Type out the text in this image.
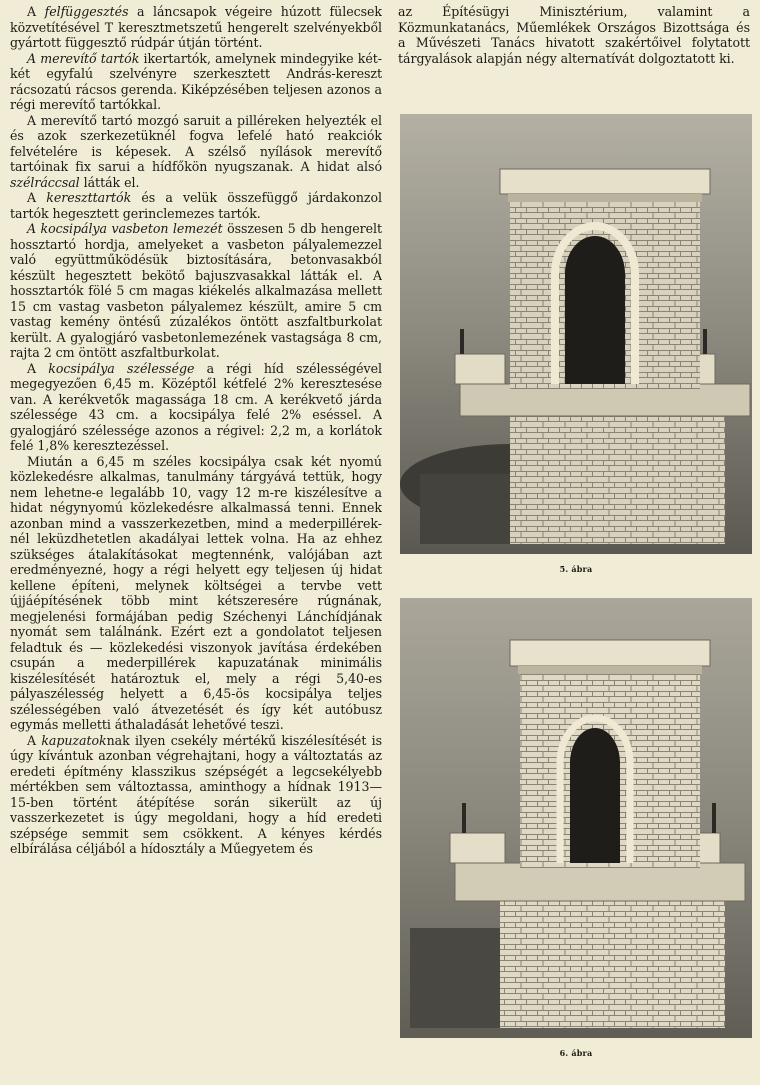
A felfüggesztés a láncsapok végeire húzott fülecsek közvetítésével T keresztmetszetű hengerelt szelvényekből gyártott függesztő rúdpár útján történt.

A merevítő tartók ikertartók, amelynek mindegyike két-két egyfalú szelvényre szerkesztett András-kereszt rácsozatú rácsos gerenda. Kiképzésében teljesen azonos a régi merevítő tartókkal.

A merevítő tartó mozgó saruit a pilléreken helyezték el és azok szerkezetüknél fogva lefelé ható reakciók felvételére is képesek. A szélső nyílások merevítő tartóinak fix sarui a hídfőkön nyugszanak. A hidat alsó szélráccsal látták el.

A kereszttartók és a velük összefüggő járdakonzol tartók hegesztett gerinclemezes tartók.

A kocsipálya vasbeton lemezét összesen 5 db hengerelt hossztartó hordja, amelyeket a vasbeton pályalemezzel való együttműködésük biztosítására, betonvasakból készült hegesztett bekötő bajuszvasakkal látták el. A hossztartók fölé 5 cm magas kiékelés alkalmazása mellett 15 cm vastag vasbeton pályalemez készült, amire 5 cm vastag kemény öntésű zúzalékos öntött aszfaltburkolat került. A gyalogjáró vasbetonlemezének vastagsága 8 cm, rajta 2 cm öntött aszfaltburkolat.

A kocsipálya szélessége a régi híd szélességével megegyezően 6,45 m. Középtől kétfelé 2% keresztesése van. A kerékvetők magassága 18 cm. A kerékvető járda szélessége 43 cm. a kocsipálya felé 2% eséssel. A gyalogjáró szélessége azonos a régivel: 2,2 m, a korlátok felé 1,8% keresztezéssel.

Miután a 6,45 m széles kocsipálya csak két nyomú közlekedésre alkalmas, tanulmány tárgyává tettük, hogy nem lehetne-e legalább 10, vagy 12 m-re kiszélesítve a hidat négynyomú közlekedésre alkalmassá tenni. Ennek azonban mind a vasszerkezetben, mind a mederpillérek-nél leküzdhetetlen akadályai lettek volna. Ha az ehhez szükséges átalakításokat megtennénk, valójában azt eredményezné, hogy a régi helyett egy teljesen új hidat kellene építeni, melynek költségei a tervbe vett újjáépítésének több mint kétszeresére rúgnának, megjelenési formájában pedig Széchenyi Lánchídjának nyomát sem találnánk. Ezért ezt a gondolatot teljesen feladtuk és — közlekedési viszonyok javítása érdekében csupán a mederpillérek kapuzatának minimális kiszélesítését határoztuk el, mely a régi 5,40-es pályaszélesség helyett a 6,45-ös kocsipálya teljes szélességében való átvezetését és így két autóbusz egymás melletti áthaladását lehetővé teszi.

A kapuzatoknak ilyen csekély mértékű kiszélesítését is úgy kívántuk azonban végrehajtani, hogy a változtatás az eredeti építmény klasszikus szépségét a legcsekélyebb mértékben sem változtassa, aminthogy a hídnak 1913—15-ben történt átépítése során sikerült az új vasszerkezetet is úgy megoldani, hogy a híd eredeti szépsége semmit sem csökkent. A kényes kérdés elbírálása céljából a hídosztály a Műegyetem és

az Építésügyi Minisztérium, valamint a Közmunkatanács, Műemlékek Országos Bizottsága és a Művészeti Tanács hivatott szakértőivel folytatott tárgyalások alapján négy alternatívát dolgoztatott ki.

5. ábra
6. ábra
